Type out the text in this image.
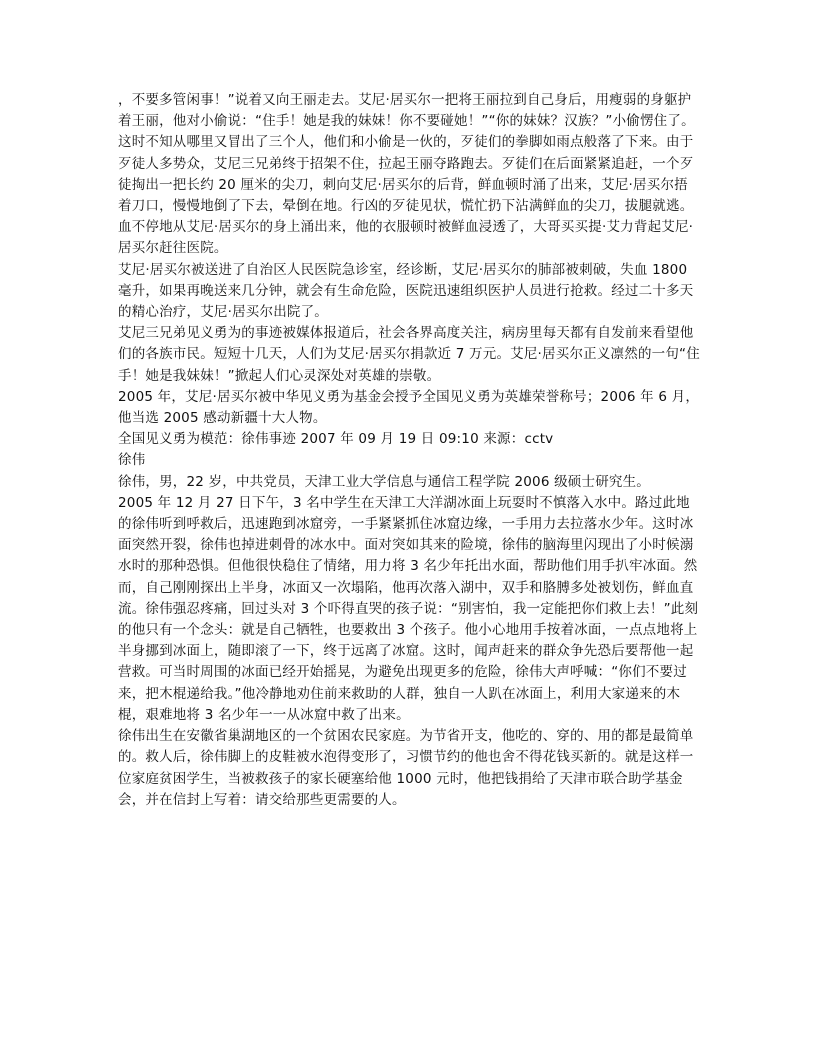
，不要多管闲事！”说着又向王丽走去。艾尼·居买尔一把将王丽拉到自己身后，用瘦弱的身躯护着王丽，他对小偷说：“住手！她是我的妹妹！你不要碰她！”“你的妹妹？汉族？”小偷愣住了。

这时不知从哪里又冒出了三个人，他们和小偷是一伙的，歹徒们的拳脚如雨点般落了下来。由于歹徒人多势众，艾尼三兄弟终于招架不住，拉起王丽夺路跑去。歹徒们在后面紧紧追赶，一个歹徒掏出一把长约 20 厘米的尖刀，刺向艾尼·居买尔的后背，鲜血顿时涌了出来，艾尼·居买尔捂着刀口，慢慢地倒了下去，晕倒在地。行凶的歹徒见状，慌忙扔下沾满鲜血的尖刀，拔腿就逃。血不停地从艾尼·居买尔的身上涌出来，他的衣服顿时被鲜血浸透了，大哥买买提·艾力背起艾尼·居买尔赶往医院。

艾尼·居买尔被送进了自治区人民医院急诊室，经诊断，艾尼·居买尔的肺部被刺破，失血 1800 毫升，如果再晚送来几分钟，就会有生命危险，医院迅速组织医护人员进行抢救。经过二十多天的精心治疗，艾尼·居买尔出院了。

艾尼三兄弟见义勇为的事迹被媒体报道后，社会各界高度关注，病房里每天都有自发前来看望他们的各族市民。短短十几天，人们为艾尼·居买尔捐款近 7 万元。艾尼·居买尔正义凛然的一句“住手！她是我妹妹！”掀起人们心灵深处对英雄的崇敬。

2005 年，艾尼·居买尔被中华见义勇为基金会授予全国见义勇为英雄荣誉称号；2006 年 6 月，他当选 2005 感动新疆十大人物。

全国见义勇为模范：徐伟事迹 2007 年 09 月 19 日 09:10 来源：cctv

徐伟

徐伟，男，22 岁，中共党员，天津工业大学信息与通信工程学院 2006 级硕士研究生。

2005 年 12 月 27 日下午，3 名中学生在天津工大洋湖冰面上玩耍时不慎落入水中。路过此地的徐伟听到呼救后，迅速跑到冰窟旁，一手紧紧抓住冰窟边缘，一手用力去拉落水少年。这时冰面突然开裂，徐伟也掉进刺骨的冰水中。面对突如其来的险境，徐伟的脑海里闪现出了小时候溺水时的那种恐惧。但他很快稳住了情绪，用力将 3 名少年托出水面，帮助他们用手扒牢冰面。然而，自己刚刚探出上半身，冰面又一次塌陷，他再次落入湖中，双手和胳膊多处被划伤，鲜血直流。徐伟强忍疼痛，回过头对 3 个吓得直哭的孩子说：“别害怕，我一定能把你们救上去！”此刻的他只有一个念头：就是自己牺牲，也要救出 3 个孩子。他小心地用手按着冰面，一点点地将上半身挪到冰面上，随即滚了一下，终于远离了冰窟。这时，闻声赶来的群众争先恐后要帮他一起营救。可当时周围的冰面已经开始摇晃，为避免出现更多的危险，徐伟大声呼喊：“你们不要过来，把木棍递给我。”他冷静地劝住前来救助的人群，独自一人趴在冰面上，利用大家递来的木棍，艰难地将 3 名少年一一从冰窟中救了出来。

徐伟出生在安徽省巢湖地区的一个贫困农民家庭。为节省开支，他吃的、穿的、用的都是最简单的。救人后，徐伟脚上的皮鞋被水泡得变形了，习惯节约的他也舍不得花钱买新的。就是这样一位家庭贫困学生，当被救孩子的家长硬塞给他 1000 元时，他把钱捐给了天津市联合助学基金会，并在信封上写着：请交给那些更需要的人。
